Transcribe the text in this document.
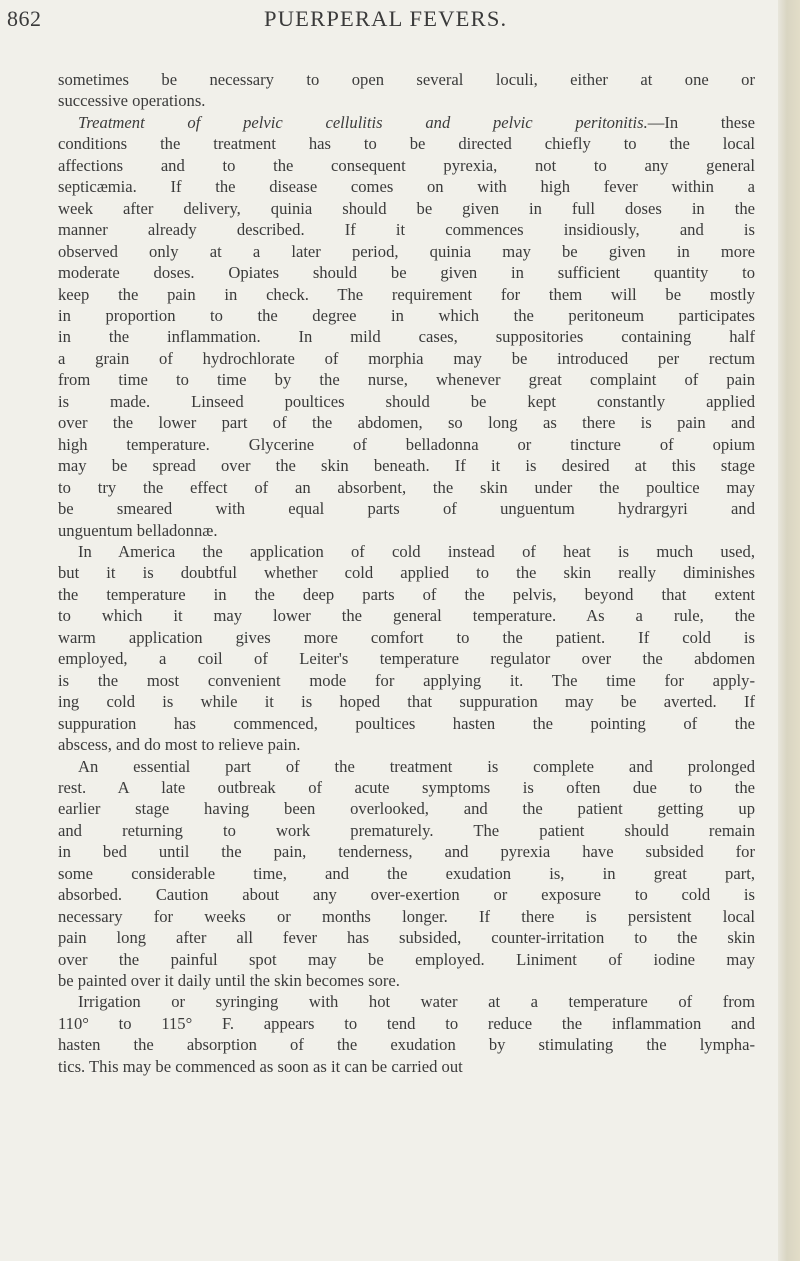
862	PUERPERAL FEVERS.

sometimes be necessary to open several loculi, either at one or
successive operations.

Treatment of pelvic cellulitis and pelvic peritonitis.—In these
conditions the treatment has to be directed chiefly to the local
affections and to the consequent pyrexia, not to any general
septicæmia. If the disease comes on with high fever within a
week after delivery, quinia should be given in full doses in the
manner already described. If it commences insidiously, and is
observed only at a later period, quinia may be given in more
moderate doses. Opiates should be given in sufficient quantity to
keep the pain in check. The requirement for them will be mostly
in proportion to the degree in which the peritoneum participates
in the inflammation. In mild cases, suppositories containing half
a grain of hydrochlorate of morphia may be introduced per rectum
from time to time by the nurse, whenever great complaint of pain
is made. Linseed poultices should be kept constantly applied
over the lower part of the abdomen, so long as there is pain and
high temperature. Glycerine of belladonna or tincture of opium
may be spread over the skin beneath. If it is desired at this stage
to try the effect of an absorbent, the skin under the poultice may
be smeared with equal parts of unguentum hydrargyri and
unguentum belladonnæ.

In America the application of cold instead of heat is much used,
but it is doubtful whether cold applied to the skin really diminishes
the temperature in the deep parts of the pelvis, beyond that extent
to which it may lower the general temperature. As a rule, the
warm application gives more comfort to the patient. If cold is
employed, a coil of Leiter's temperature regulator over the abdomen
is the most convenient mode for applying it. The time for apply-
ing cold is while it is hoped that suppuration may be averted. If
suppuration has commenced, poultices hasten the pointing of the
abscess, and do most to relieve pain.

An essential part of the treatment is complete and prolonged
rest. A late outbreak of acute symptoms is often due to the
earlier stage having been overlooked, and the patient getting up
and returning to work prematurely. The patient should remain
in bed until the pain, tenderness, and pyrexia have subsided for
some considerable time, and the exudation is, in great part,
absorbed. Caution about any over-exertion or exposure to cold is
necessary for weeks or months longer. If there is persistent local
pain long after all fever has subsided, counter-irritation to the skin
over the painful spot may be employed. Liniment of iodine may
be painted over it daily until the skin becomes sore.

Irrigation or syringing with hot water at a temperature of from
110° to 115° F. appears to tend to reduce the inflammation and
hasten the absorption of the exudation by stimulating the lympha-
tics. This may be commenced as soon as it can be carried out
